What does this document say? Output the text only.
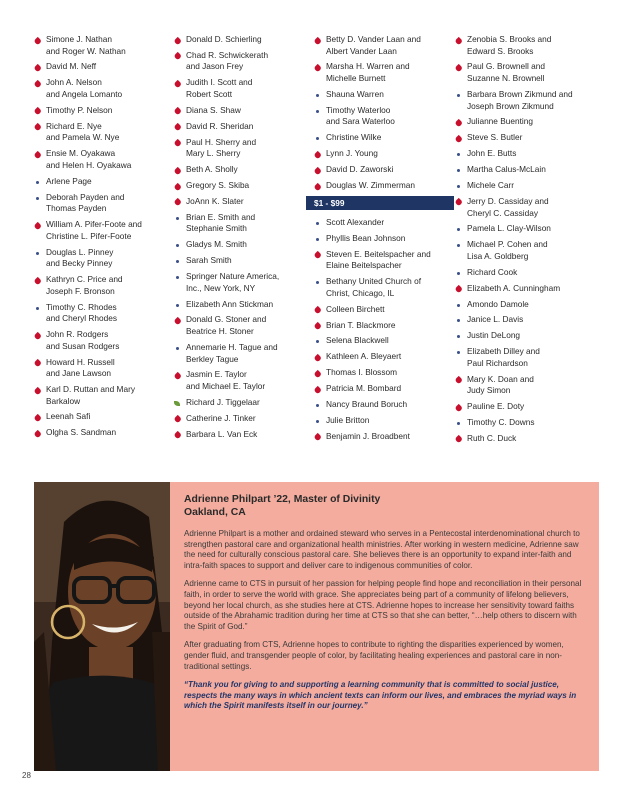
Simone J. Nathan
and Roger W. Nathan
David M. Neff
John A. Nelson
and Angela Lomanto
Timothy P. Nelson
Richard E. Nye
and Pamela W. Nye
Ensie M. Oyakawa
and Helen H. Oyakawa
Arlene Page
Deborah Payden and
Thomas Payden
William A. Pifer-Foote and
Christine L. Pifer-Foote
Douglas L. Pinney
and Becky Pinney
Kathryn C. Price and
Joseph F. Bronson
Timothy C. Rhodes
and Cheryl Rhodes
John R. Rodgers
and Susan Rodgers
Howard H. Russell
and Jane Lawson
Karl D. Ruttan and Mary
Barkalow
Leenah Safi
Olgha S. Sandman
Donald D. Schierling
Chad R. Schwickerath
and Jason Frey
Judith I. Scott and
Robert Scott
Diana S. Shaw
David R. Sheridan
Paul H. Sherry and
Mary L. Sherry
Beth A. Sholly
Gregory S. Skiba
JoAnn K. Slater
Brian E. Smith and
Stephanie Smith
Gladys M. Smith
Sarah Smith
Springer Nature America,
Inc., New York, NY
Elizabeth Ann Stickman
Donald G. Stoner and
Beatrice H. Stoner
Annemarie H. Tague and
Berkley Tague
Jasmin E. Taylor
and Michael E. Taylor
Richard J. Tiggelaar
Catherine J. Tinker
Barbara L. Van Eck
Betty D. Vander Laan and
Albert Vander Laan
Marsha H. Warren and
Michelle Burnett
Shauna Warren
Timothy Waterloo
and Sara Waterloo
Christine Wilke
Lynn J. Young
David D. Zaworski
Douglas W. Zimmerman
$1 - $99
Scott Alexander
Phyllis Bean Johnson
Steven E. Beitelspacher and
Elaine Beitelspacher
Bethany United Church of
Christ, Chicago, IL
Colleen Birchett
Brian T. Blackmore
Selena Blackwell
Kathleen A. Bleyaert
Thomas I. Blossom
Patricia M. Bombard
Nancy Braund Boruch
Julie Britton
Benjamin J. Broadbent
Zenobia S. Brooks and
Edward S. Brooks
Paul G. Brownell and
Suzanne N. Brownell
Barbara Brown Zikmund and
Joseph Brown Zikmund
Julianne Buenting
Steve S. Butler
John E. Butts
Martha Calus-McLain
Michele Carr
Jerry D. Cassiday and
Cheryl C. Cassiday
Pamela L. Clay-Wilson
Michael P. Cohen and
Lisa A. Goldberg
Richard Cook
Elizabeth A. Cunningham
Amondo Damole
Janice L. Davis
Justin DeLong
Elizabeth Dilley and
Paul Richardson
Mary K. Doan and
Judy Simon
Pauline E. Doty
Timothy C. Downs
Ruth C. Duck
Adrienne Philpart ’22, Master of Divinity
Oakland, CA

Adrienne Philpart is a mother and ordained steward who serves in a Pentecostal interdenominational church to strengthen pastoral care and organizational health ministries. After working in western medicine, Adrienne saw the need for culturally conscious pastoral care. She believes there is an opportunity to expand inter-faith and intra-faith spaces to support and deliver care to indigenous communities of color.

Adrienne came to CTS in pursuit of her passion for helping people find hope and reconciliation in their personal faith, in order to serve the world with grace. She appreciates being part of a community of lifelong believers, beyond her local church, as she studies here at CTS. Adrienne hopes to increase her sensitivity toward faiths outside of the Abrahamic tradition during her time at CTS so that she can better, “…help others to discern with the Spirit of God.”

After graduating from CTS, Adrienne hopes to contribute to righting the disparities experienced by women, gender fluid, and transgender people of color, by facilitating healing experiences and pastoral care in non-traditional settings.

“Thank you for giving to and supporting a learning community that is committed to social justice, respects the many ways in which ancient texts can inform our lives, and embraces the myriad ways in which the Spirit manifests itself in our journey.”

28
